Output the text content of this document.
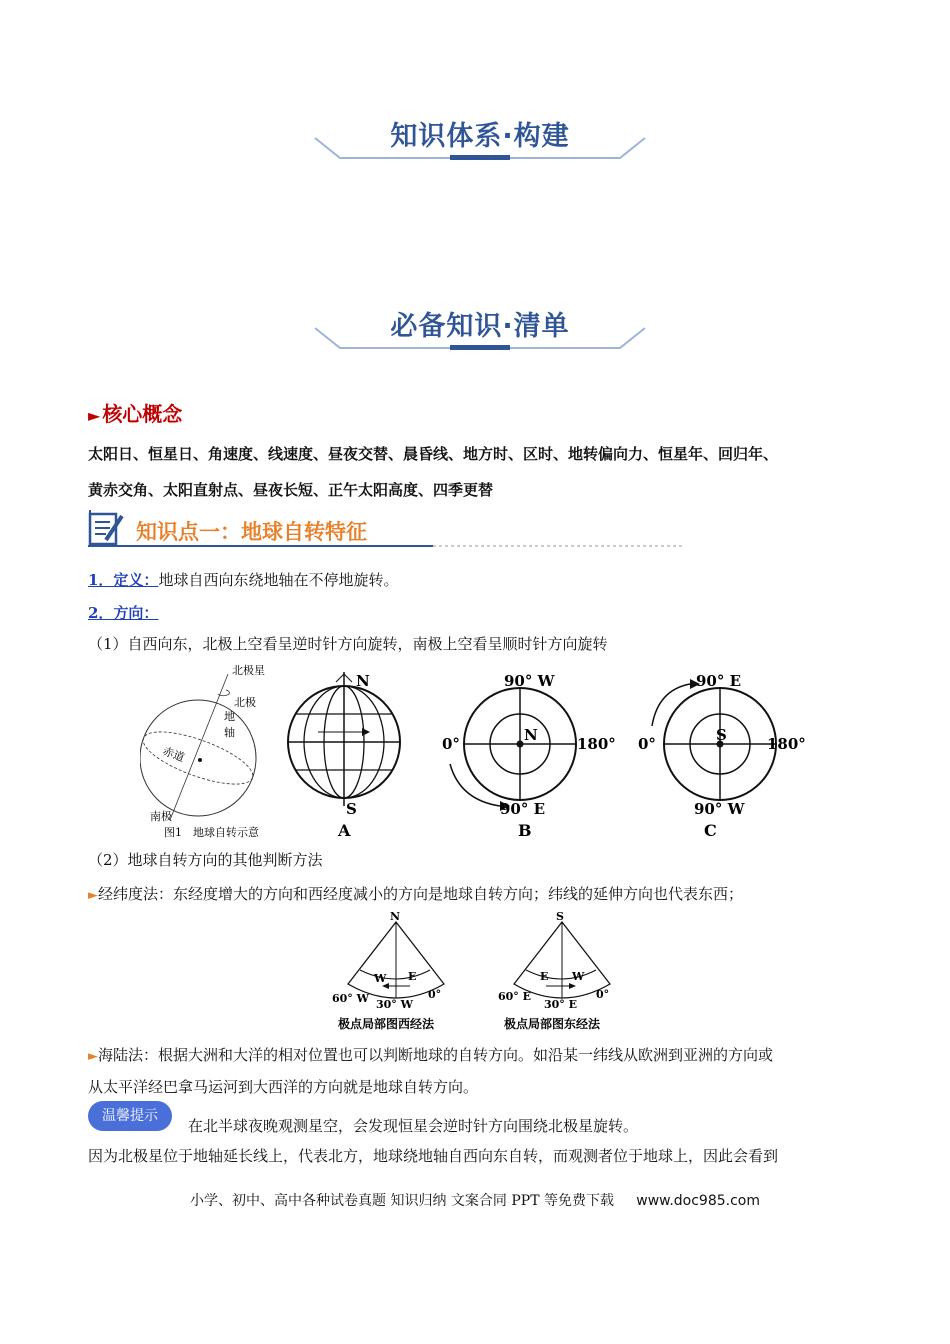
知识体系·构建
必备知识·清单
► 核心概念
太阳日、恒星日、角速度、线速度、昼夜交替、晨昏线、地方时、区时、地转偏向力、恒星年、回归年、
黄赤交角、太阳直射点、昼夜长短、正午太阳高度、四季更替
知识点一：地球自转特征
1．定义：地球自西向东绕地轴在不停地旋转。
2．方向：
（1）自西向东，北极上空看呈逆时针方向旋转，南极上空看呈顺时针方向旋转
北极星
北极
地
轴
赤道
南极
图1　地球自转示意
N
S
A
90° W
0°	180°
N
90° E
B
90° E
0°	180°
S
90° W
C
（2）地球自转方向的其他判断方法
►经纬度法：东经度增大的方向和西经度减小的方向是地球自转方向；纬线的延伸方向也代表东西；
N
W E
60° W 30° W
0°
极点局部图西经法
S
E W
60° E
30° E
0°
极点局部图东经法
►海陆法：根据大洲和大洋的相对位置也可以判断地球的自转方向。如沿某一纬线从欧洲到亚洲的方向或
从太平洋经巴拿马运河到大西洋的方向就是地球自转方向。
温馨提示
在北半球夜晚观测星空，会发现恒星会逆时针方向围绕北极星旋转。
因为北极星位于地轴延长线上，代表北方，地球绕地轴自西向东自转，而观测者位于地球上，因此会看到
小学、初中、高中各种试卷真题 知识归纳 文案合同 PPT 等免费下载 www.doc985.com
